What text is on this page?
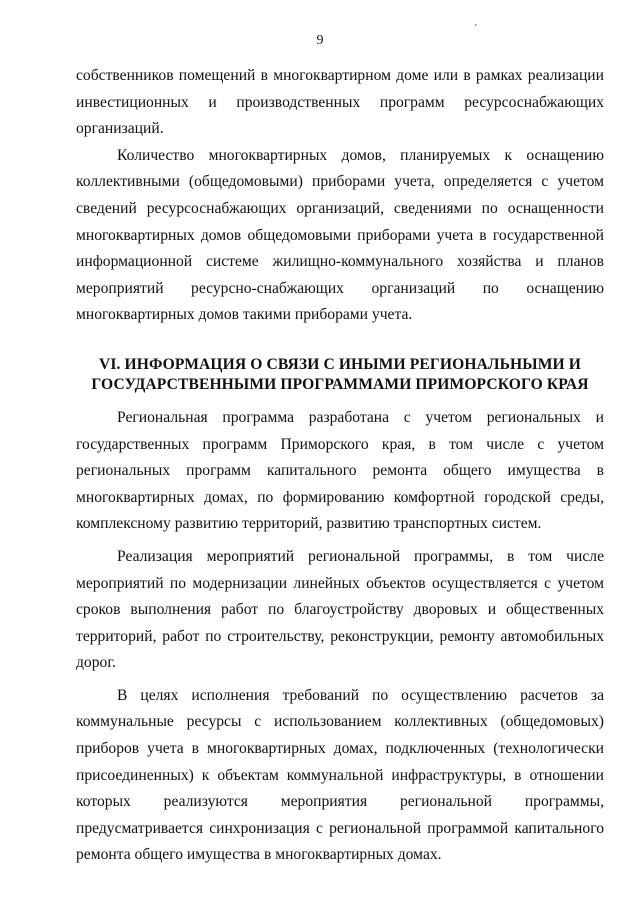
9
'

собственников помещений в многоквартирном доме или в рамках реализации инвестиционных и производственных программ ресурсоснабжающих организаций.

Количество многоквартирных домов, планируемых к оснащению коллективными (общедомовыми) приборами учета, определяется с учетом сведений ресурсоснабжающих организаций, сведениями по оснащенности многоквартирных домов общедомовыми приборами учета в государственной информационной системе жилищно-коммунального хозяйства и планов мероприятий ресурсно-снабжающих организаций по оснащению многоквартирных домов такими приборами учета.

VI. ИНФОРМАЦИЯ О СВЯЗИ С ИНЫМИ РЕГИОНАЛЬНЫМИ И
ГОСУДАРСТВЕННЫМИ ПРОГРАММАМИ ПРИМОРСКОГО КРАЯ

Региональная программа разработана с учетом региональных и государственных программ Приморского края, в том числе с учетом региональных программ капитального ремонта общего имущества в многоквартирных домах, по формированию комфортной городской среды, комплексному развитию территорий, развитию транспортных систем.

Реализация мероприятий региональной программы, в том числе мероприятий по модернизации линейных объектов осуществляется с учетом сроков выполнения работ по благоустройству дворовых и общественных территорий, работ по строительству, реконструкции, ремонту автомобильных дорог.

В целях исполнения требований по осуществлению расчетов за коммунальные ресурсы с использованием коллективных (общедомовых) приборов учета в многоквартирных домах, подключенных (технологически присоединенных) к объектам коммунальной инфраструктуры, в отношении которых реализуются мероприятия региональной программы, предусматривается синхронизация с региональной программой капитального ремонта общего имущества в многоквартирных домах.
